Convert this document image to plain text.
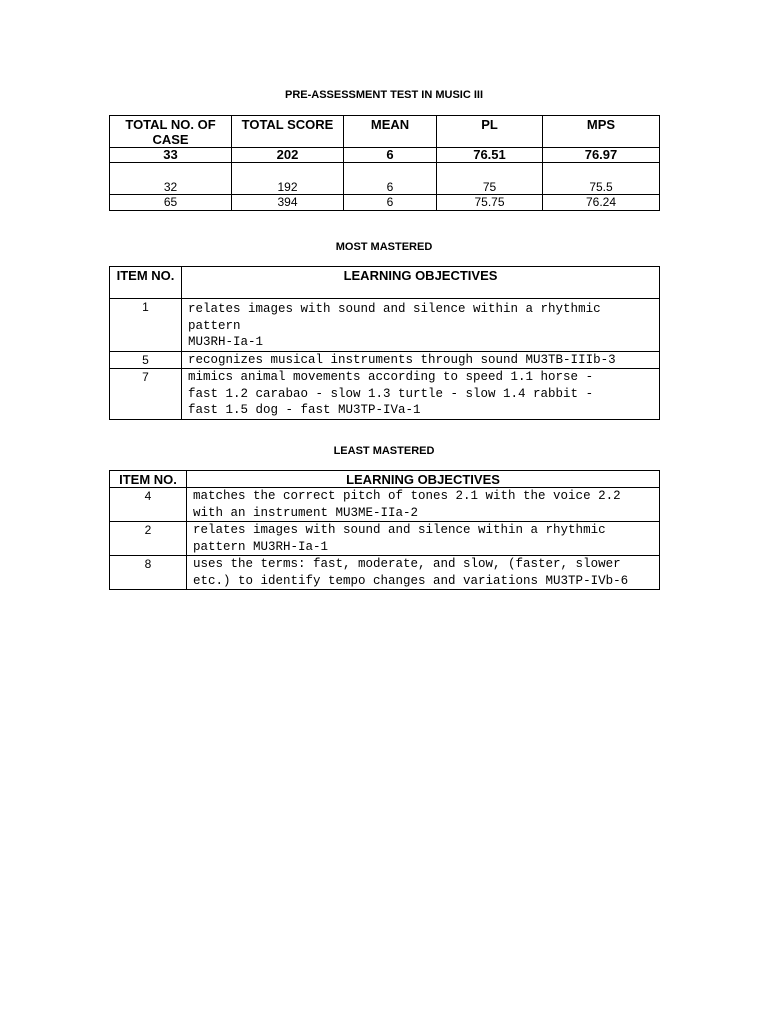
PRE-ASSESSMENT TEST IN MUSIC III
TOTAL NO. OF CASE	TOTAL SCORE	MEAN	PL	MPS
33	202	6	76.51	76.97
32	192	6	75	75.5
65	394	6	75.75	76.24
MOST MASTERED
ITEM NO.	LEARNING OBJECTIVES
1	relates images with sound and silence within a rhythmic
pattern
MU3RH-Ia-1

5	recognizes musical instruments through sound MU3TB-IIIb-3

7	mimics animal movements according to speed 1.1 horse -
fast 1.2 carabao - slow 1.3 turtle - slow 1.4 rabbit -
fast 1.5 dog - fast MU3TP-IVa-1
LEAST MASTERED
ITEM NO.	LEARNING OBJECTIVES
4	matches the correct pitch of tones 2.1 with the voice 2.2
with an instrument MU3ME-IIa-2

2	relates images with sound and silence within a rhythmic
pattern MU3RH-Ia-1

8	uses the terms: fast, moderate, and slow, (faster, slower
etc.) to identify tempo changes and variations MU3TP-IVb-6
